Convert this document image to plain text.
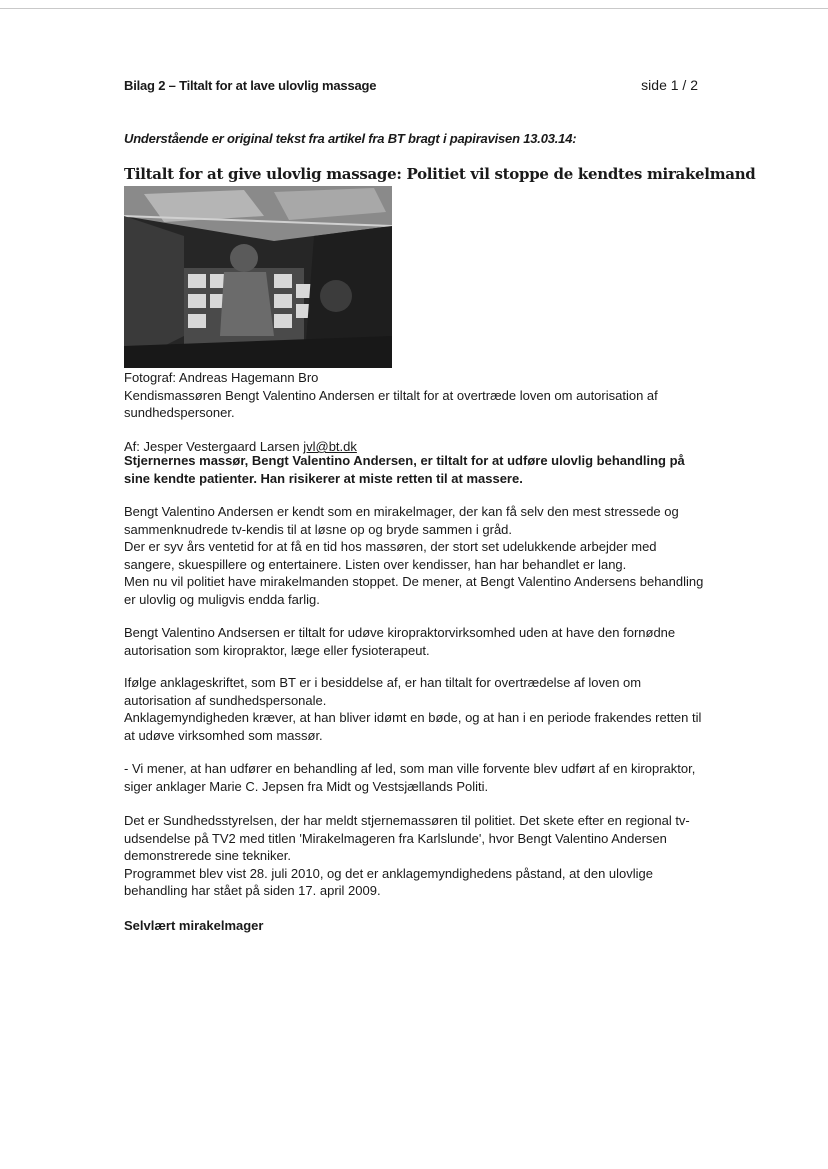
Bilag 2 – Tiltalt for at lave ulovlig massage	side 1 / 2
Understående er original tekst fra artikel fra BT bragt i papiravisen 13.03.14:
Tiltalt for at give ulovlig massage: Politiet vil stoppe de kendtes mirakelmand
Fotograf: Andreas Hagemann Bro
Kendismassøren Bengt Valentino Andersen er tiltalt for at overtræde loven om autorisation af sundhedspersoner.
Af: Jesper Vestergaard Larsen jvl@bt.dk
Stjernernes massør, Bengt Valentino Andersen, er tiltalt for at udføre ulovlig behandling på sine kendte patienter. Han risikerer at miste retten til at massere.
Bengt Valentino Andersen er kendt som en mirakelmager, der kan få selv den mest stressede og sammenknudrede tv-kendis til at løsne op og bryde sammen i gråd.
Der er syv års ventetid for at få en tid hos massøren, der stort set udelukkende arbejder med sangere, skuespillere og entertainere. Listen over kendisser, han har behandlet er lang.
Men nu vil politiet have mirakelmanden stoppet. De mener, at Bengt Valentino Andersens behandling er ulovlig og muligvis endda farlig.
Bengt Valentino Andsersen er tiltalt for udøve kiropraktorvirksomhed uden at have den fornødne autorisation som kiropraktor, læge eller fysioterapeut.
Ifølge anklageskriftet, som BT er i besiddelse af, er han tiltalt for overtrædelse af loven om autorisation af sundhedspersonale.
Anklagemyndigheden kræver, at han bliver idømt en bøde, og at han i en periode frakendes retten til at udøve virksomhed som massør.
- Vi mener, at han udfører en behandling af led, som man ville forvente blev udført af en kiropraktor, siger anklager Marie C. Jepsen fra Midt og Vestsjællands Politi.
Det er Sundhedsstyrelsen, der har meldt stjernemassøren til politiet. Det skete efter en regional tv-udsendelse på TV2 med titlen 'Mirakelmageren fra Karlslunde', hvor Bengt Valentino Andersen demonstrerede sine tekniker.
Programmet blev vist 28. juli 2010, og det er anklagemyndighedens påstand, at den ulovlige behandling har stået på siden 17. april 2009.
Selvlært mirakelmager
